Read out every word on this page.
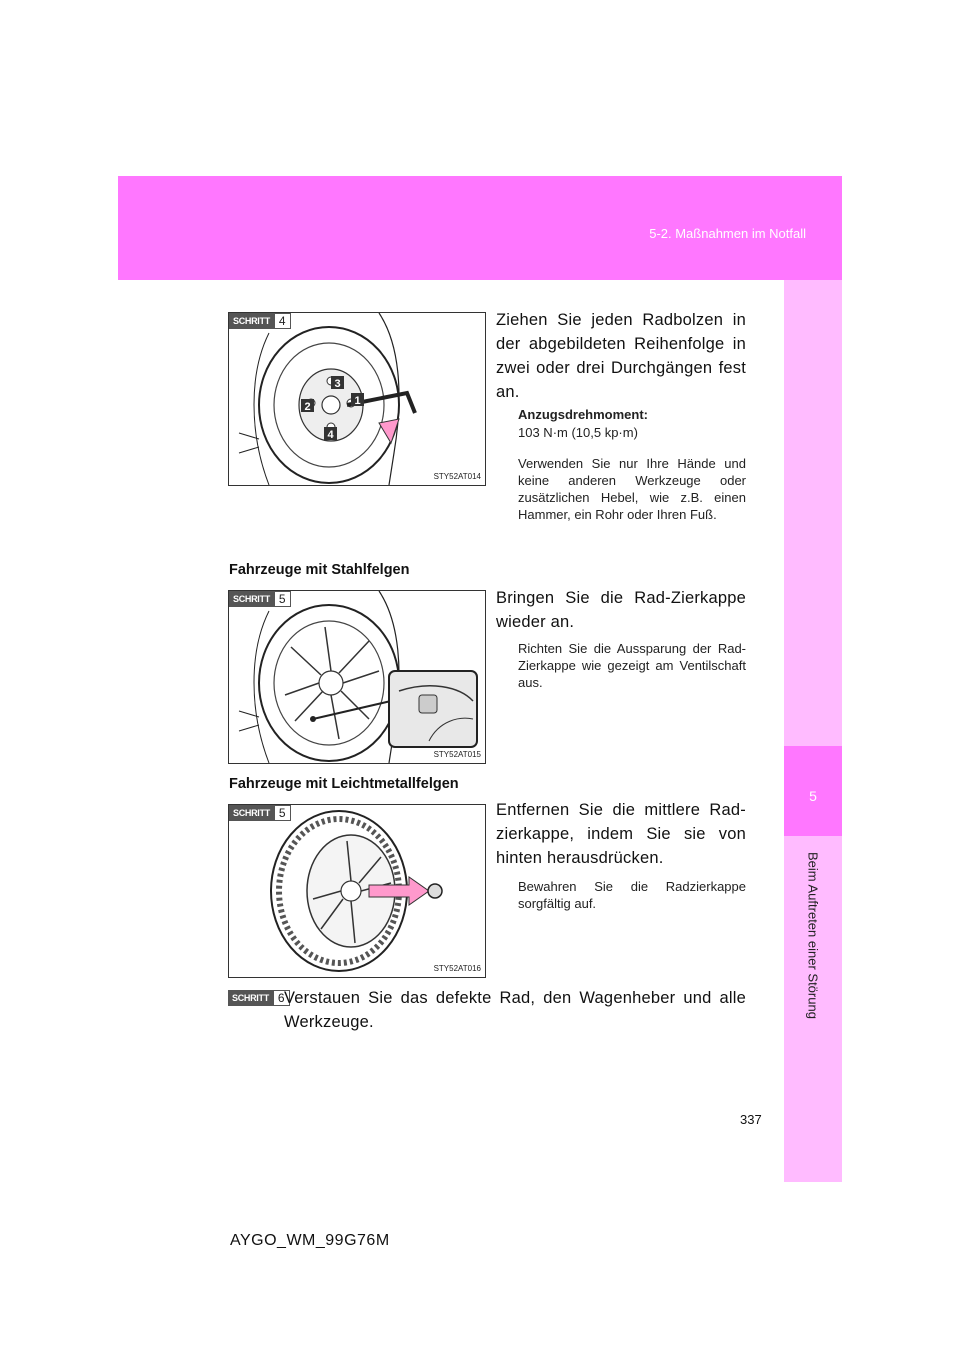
5-2. Maßnahmen im Notfall
5
Beim Auftreten einer Störung
1
2
3
4
SCHRITT 4
STY52AT014
Ziehen Sie jeden Radbolzen in der abgebildeten Reihenfolge in zwei oder drei Durchgängen fest an.
Anzugsdrehmoment:
103 N·m (10,5 kp·m)
Verwenden Sie nur Ihre Hände und keine anderen Werkzeuge oder zusätzlichen Hebel, wie z.B. einen Hammer, ein Rohr oder Ihren Fuß.
Fahrzeuge mit Stahlfelgen
SCHRITT 5
STY52AT015
Bringen Sie die Rad-Zierkappe wieder an.
Richten Sie die Aussparung der Rad-Zierkappe wie gezeigt am Ventilschaft aus.
Fahrzeuge mit Leichtmetallfelgen
SCHRITT 5
STY52AT016
Entfernen Sie die mittlere Rad-zierkappe, indem Sie sie von hinten herausdrücken.
Bewahren Sie die Radzierkappe sorgfältig auf.
SCHRITT 6 Verstauen Sie das defekte Rad, den Wagenheber und alle Werkzeuge.
337
AYGO_WM_99G76M
